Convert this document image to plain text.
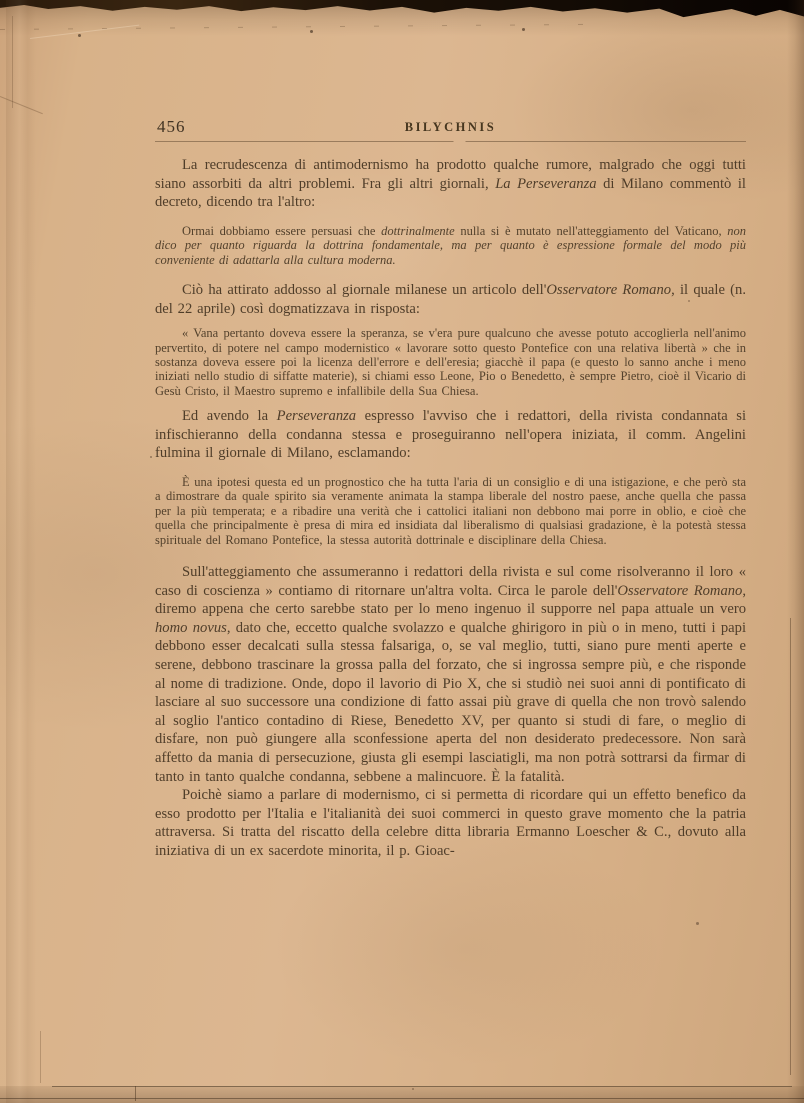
456	BILYCHNIS

La recrudescenza di antimodernismo ha prodotto qualche rumore, malgrado che oggi tutti siano assorbiti da altri problemi. Fra gli altri giornali, La Perseveranza di Milano commentò il decreto, dicendo tra l'altro:

Ormai dobbiamo essere persuasi che dottrinalmente nulla si è mutato nell'atteggiamento del Vaticano, non dico per quanto riguarda la dottrina fondamentale, ma per quanto è espressione formale del modo più conveniente di adattarla alla cultura moderna.

Ciò ha attirato addosso al giornale milanese un articolo dell'Osservatore Romano, il quale (n. del 22 aprile) così dogmatizzava in risposta:

« Vana pertanto doveva essere la speranza, se v'era pure qualcuno che avesse potuto accoglierla nell'animo pervertito, di potere nel campo modernistico « lavorare sotto questo Pontefice con una relativa libertà » che in sostanza doveva essere poi la licenza dell'errore e dell'eresia; giacchè il papa (e questo lo sanno anche i meno iniziati nello studio di siffatte materie), si chiami esso Leone, Pio o Benedetto, è sempre Pietro, cioè il Vicario di Gesù Cristo, il Maestro supremo e infallibile della Sua Chiesa.

Ed avendo la Perseveranza espresso l'avviso che i redattori, della rivista condannata si infischieranno della condanna stessa e proseguiranno nell'opera iniziata, il comm. Angelini fulmina il giornale di Milano, esclamando:

È una ipotesi questa ed un prognostico che ha tutta l'aria di un consiglio e di una istigazione, e che però sta a dimostrare da quale spirito sia veramente animata la stampa liberale del nostro paese, anche quella che passa per la più temperata; e a ribadire una verità che i cattolici italiani non debbono mai porre in oblio, e cioè che quella che principalmente è presa di mira ed insidiata dal liberalismo di qualsiasi gradazione, è la potestà stessa spirituale del Romano Pontefice, la stessa autorità dottrinale e disciplinare della Chiesa.

Sull'atteggiamento che assumeranno i redattori della rivista e sul come risolveranno il loro « caso di coscienza » contiamo di ritornare un'altra volta. Circa le parole dell'Osservatore Romano, diremo appena che certo sarebbe stato per lo meno ingenuo il supporre nel papa attuale un vero homo novus, dato che, eccetto qualche svolazzo e qualche ghirigoro in più o in meno, tutti i papi debbono esser decalcati sulla stessa falsariga, o, se val meglio, tutti, siano pure menti aperte e serene, debbono trascinare la grossa palla del forzato, che si ingrossa sempre più, e che risponde al nome di tradizione. Onde, dopo il lavorio di Pio X, che si studiò nei suoi anni di pontificato di lasciare al suo successore una condizione di fatto assai più grave di quella che non trovò salendo al soglio l'antico contadino di Riese, Benedetto XV, per quanto si studi di fare, o meglio di disfare, non può giungere alla sconfessione aperta del non desiderato predecessore. Non sarà affetto da mania di persecuzione, giusta gli esempi lasciatigli, ma non potrà sottrarsi da firmar di tanto in tanto qualche condanna, sebbene a malincuore. È la fatalità.

Poichè siamo a parlare di modernismo, ci si permetta di ricordare qui un effetto benefico da esso prodotto per l'Italia e l'italianità dei suoi commerci in questo grave momento che la patria attraversa. Si tratta del riscatto della celebre ditta libraria Ermanno Loescher & C., dovuto alla iniziativa di un ex sacerdote minorita, il p. Gioac-
